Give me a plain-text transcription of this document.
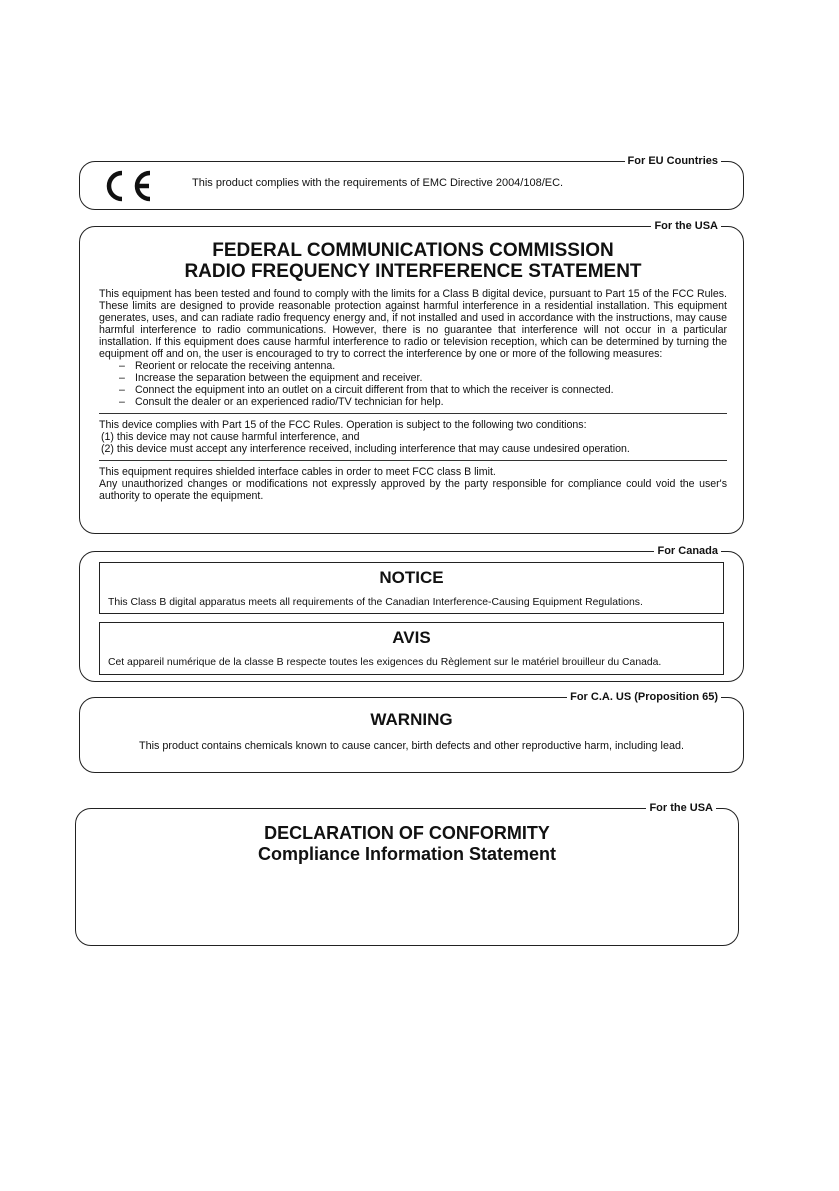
For EU Countries
This product complies with the requirements of EMC Directive 2004/108/EC.
For the USA

FEDERAL COMMUNICATIONS COMMISSION

RADIO FREQUENCY INTERFERENCE STATEMENT

This equipment has been tested and found to comply with the limits for a Class B digital device, pursuant to Part 15 of the FCC Rules. These limits are designed to provide reasonable protection against harmful interference in a residential installation. This equipment generates, uses, and can radiate radio frequency energy and, if not installed and used in accordance with the instructions, may cause harmful interference to radio communications. However, there is no guarantee that interference will not occur in a particular installation. If this equipment does cause harmful interference to radio or television reception, which can be determined by turning the equipment off and on, the user is encouraged to try to correct the interference by one or more of the following measures:

– Reorient or relocate the receiving antenna.
– Increase the separation between the equipment and receiver.
– Connect the equipment into an outlet on a circuit different from that to which the receiver is connected.
– Consult the dealer or an experienced radio/TV technician for help.

This device complies with Part 15 of the FCC Rules. Operation is subject to the following two conditions:

(1) this device may not cause harmful interference, and

(2) this device must accept any interference received, including interference that may cause undesired operation.

This equipment requires shielded interface cables in order to meet FCC class B limit.

Any unauthorized changes or modifications not expressly approved by the party responsible for compliance could void the user's authority to operate the equipment.

For Canada
NOTICE
This Class B digital apparatus meets all requirements of the Canadian Interference-Causing Equipment Regulations.
AVIS
Cet appareil numérique de la classe B respecte toutes les exigences du Règlement sur le matériel brouilleur du Canada.
For C.A. US (Proposition 65)
WARNING
This product contains chemicals known to cause cancer, birth defects and other reproductive harm, including lead.
For the USA
DECLARATION OF CONFORMITY
Compliance Information Statement
